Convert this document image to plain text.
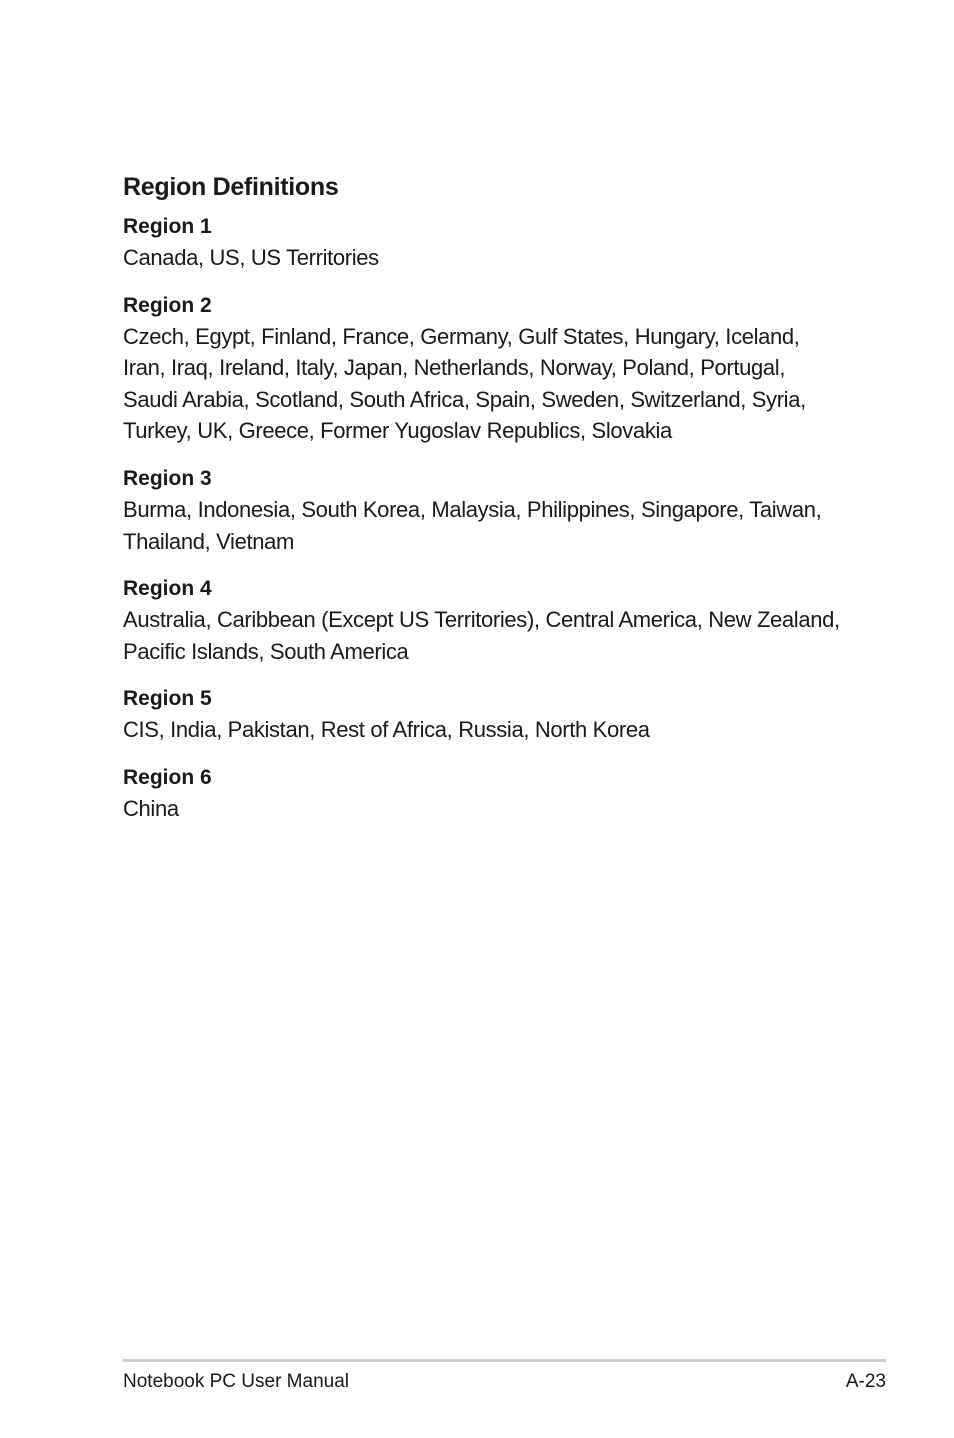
Region Definitions

Region 1

Canada, US, US Territories

Region 2

Czech, Egypt, Finland, France, Germany, Gulf States, Hungary, Iceland, Iran, Iraq, Ireland, Italy, Japan, Netherlands, Norway, Poland, Portugal, Saudi Arabia, Scotland, South Africa, Spain, Sweden, Switzerland, Syria, Turkey, UK, Greece, Former Yugoslav Republics, Slovakia

Region 3

Burma, Indonesia, South Korea, Malaysia, Philippines, Singapore, Taiwan, Thailand, Vietnam

Region 4

Australia, Caribbean (Except US Territories), Central America, New Zealand, Pacific Islands, South America

Region 5

CIS, India, Pakistan, Rest of Africa, Russia, North Korea

Region 6

China

Notebook PC User Manual	A-23
